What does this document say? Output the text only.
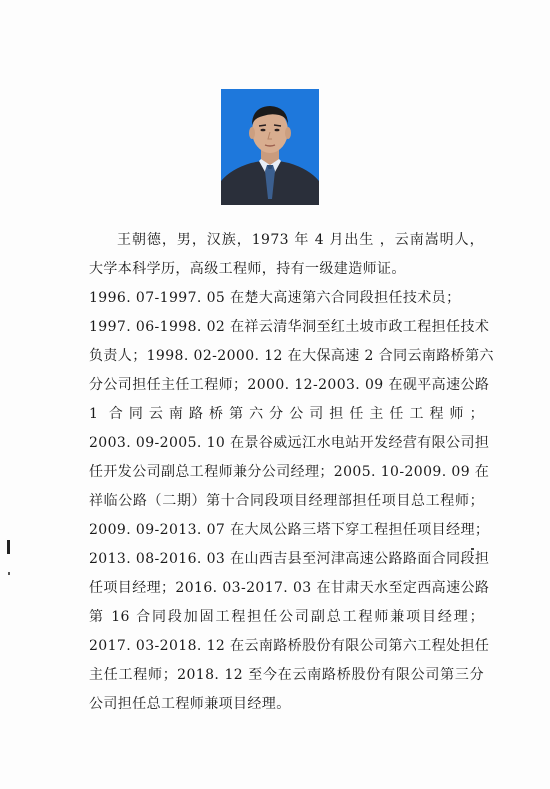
王朝德，男，汉族，1973 年 4 月出生 ，云南嵩明人，
大学本科学历，高级工程师，持有一级建造师证。
1996. 07-1997. 05 在楚大高速第六合同段担任技术员；
1997. 06-1998. 02 在祥云清华洞至红土坡市政工程担任技术
负责人；1998. 02-2000. 12 在大保高速 2 合同云南路桥第六
分公司担任主任工程师；2000. 12-2003. 09 在砚平高速公路
1 合同云南路桥第六分公司担任主任工程师；
2003. 09-2005. 10 在景谷威远江水电站开发经营有限公司担
任开发公司副总工程师兼分公司经理；2005. 10-2009. 09 在
祥临公路（二期）第十合同段项目经理部担任项目总工程师；
2009. 09-2013. 07 在大凤公路三塔下穿工程担任项目经理；
2013. 08-2016. 03 在山西吉县至河津高速公路路面合同段担
任项目经理；2016. 03-2017. 03 在甘肃天水至定西高速公路
第 16 合同段加固工程担任公司副总工程师兼项目经理；
2017. 03-2018. 12 在云南路桥股份有限公司第六工程处担任
主任工程师；2018. 12 至今在云南路桥股份有限公司第三分
公司担任总工程师兼项目经理。
